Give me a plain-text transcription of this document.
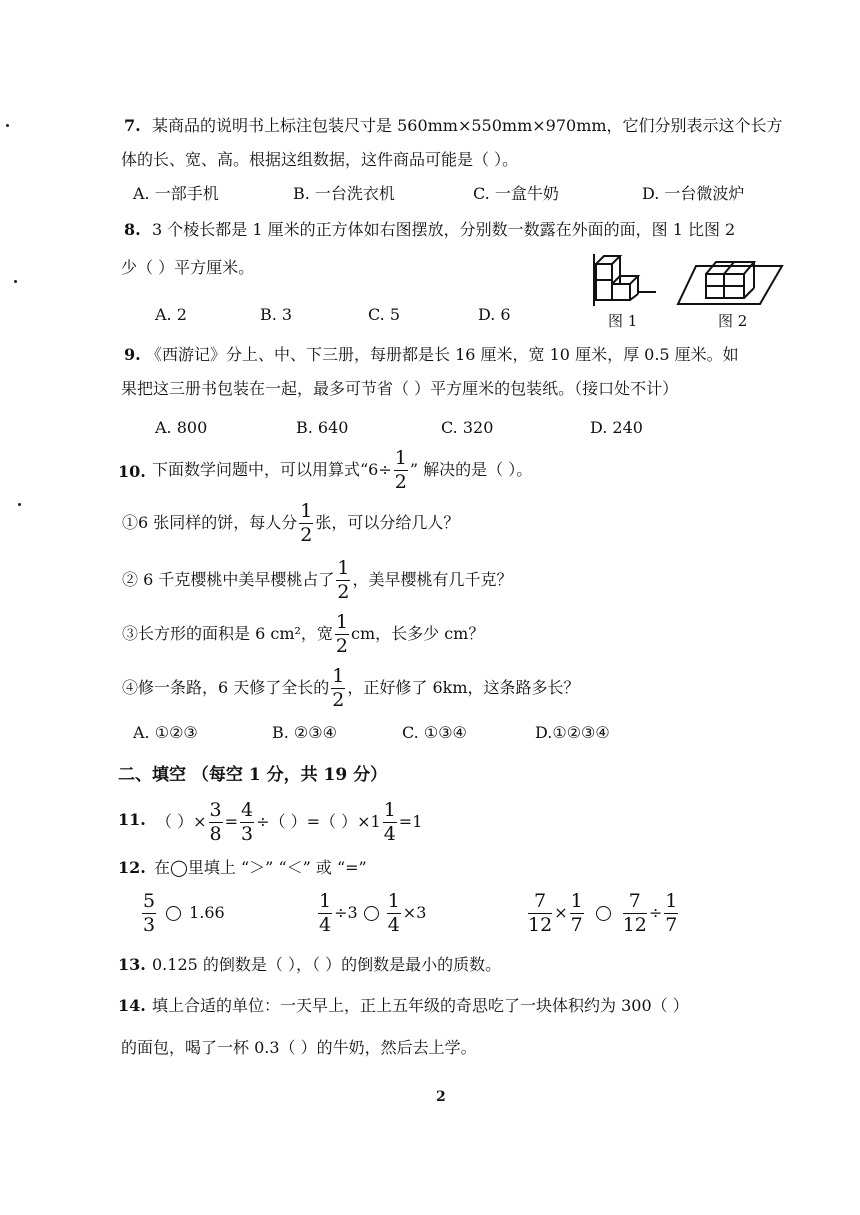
7. 某商品的说明书上标注包装尺寸是 560mm×550mm×970mm，它们分别表示这个长方
体的长、宽、高。根据这组数据，这件商品可能是（ ）。
A. 一部手机	B. 一台洗衣机	C. 一盒牛奶	D. 一台微波炉
8. 3 个棱长都是 1 厘米的正方体如右图摆放，分别数一数露在外面的面，图 1 比图 2
少（ ）平方厘米。
A. 2	B. 3	C. 5	D. 6	图 1	图 2
9. 《西游记》分上、中、下三册，每册都是长 16 厘米，宽 10 厘米，厚 0.5 厘米。如
果把这三册书包装在一起，最多可节省（ ）平方厘米的包装纸。（接口处不计）
A. 800	B. 640	C. 320	D. 240
10. 下面数学问题中，可以用算式“$6\div \frac{1}{2}$ ” 解决的是（ ）。
①6 张同样的饼，每人分 $\frac{1}{2}$ 张，可以分给几人？
② 6 千克樱桃中美早樱桃占了 $\frac{1}{2}$ ，美早樱桃有几千克？
③长方形的面积是 6 cm²，宽 $\frac{1}{2}$ cm，长多少 cm？
④修一条路，6 天修了全长的 $\frac{1}{2}$ ，正好修了 6km，这条路多长？
A. ①②③	B. ②③④	C. ①③④	D.①②③④
二、填空 （每空 1 分，共 19 分）
11. （ ）× $\frac{3}{8} = \frac{4}{3}$ ÷（ ）=（ ）× $1 \frac{1}{4} =1$
12. 在◯里填上 “＞” “＜” 或 “=”
$\frac{5}{3} 1.66$	$\frac{1}{4} \div 3 \frac{1}{4} \times 3$	$\frac{7}{12} \times \frac{1}{7} \frac{7}{12} \div \frac{1}{7}$
13. 0.125 的倒数是（ ），（ ）的倒数是最小的质数。
14. 填上合适的单位：一天早上，正上五年级的奇思吃了一块体积约为 300（ ）
的面包，喝了一杯 0.3（ ）的牛奶，然后去上学。
2
